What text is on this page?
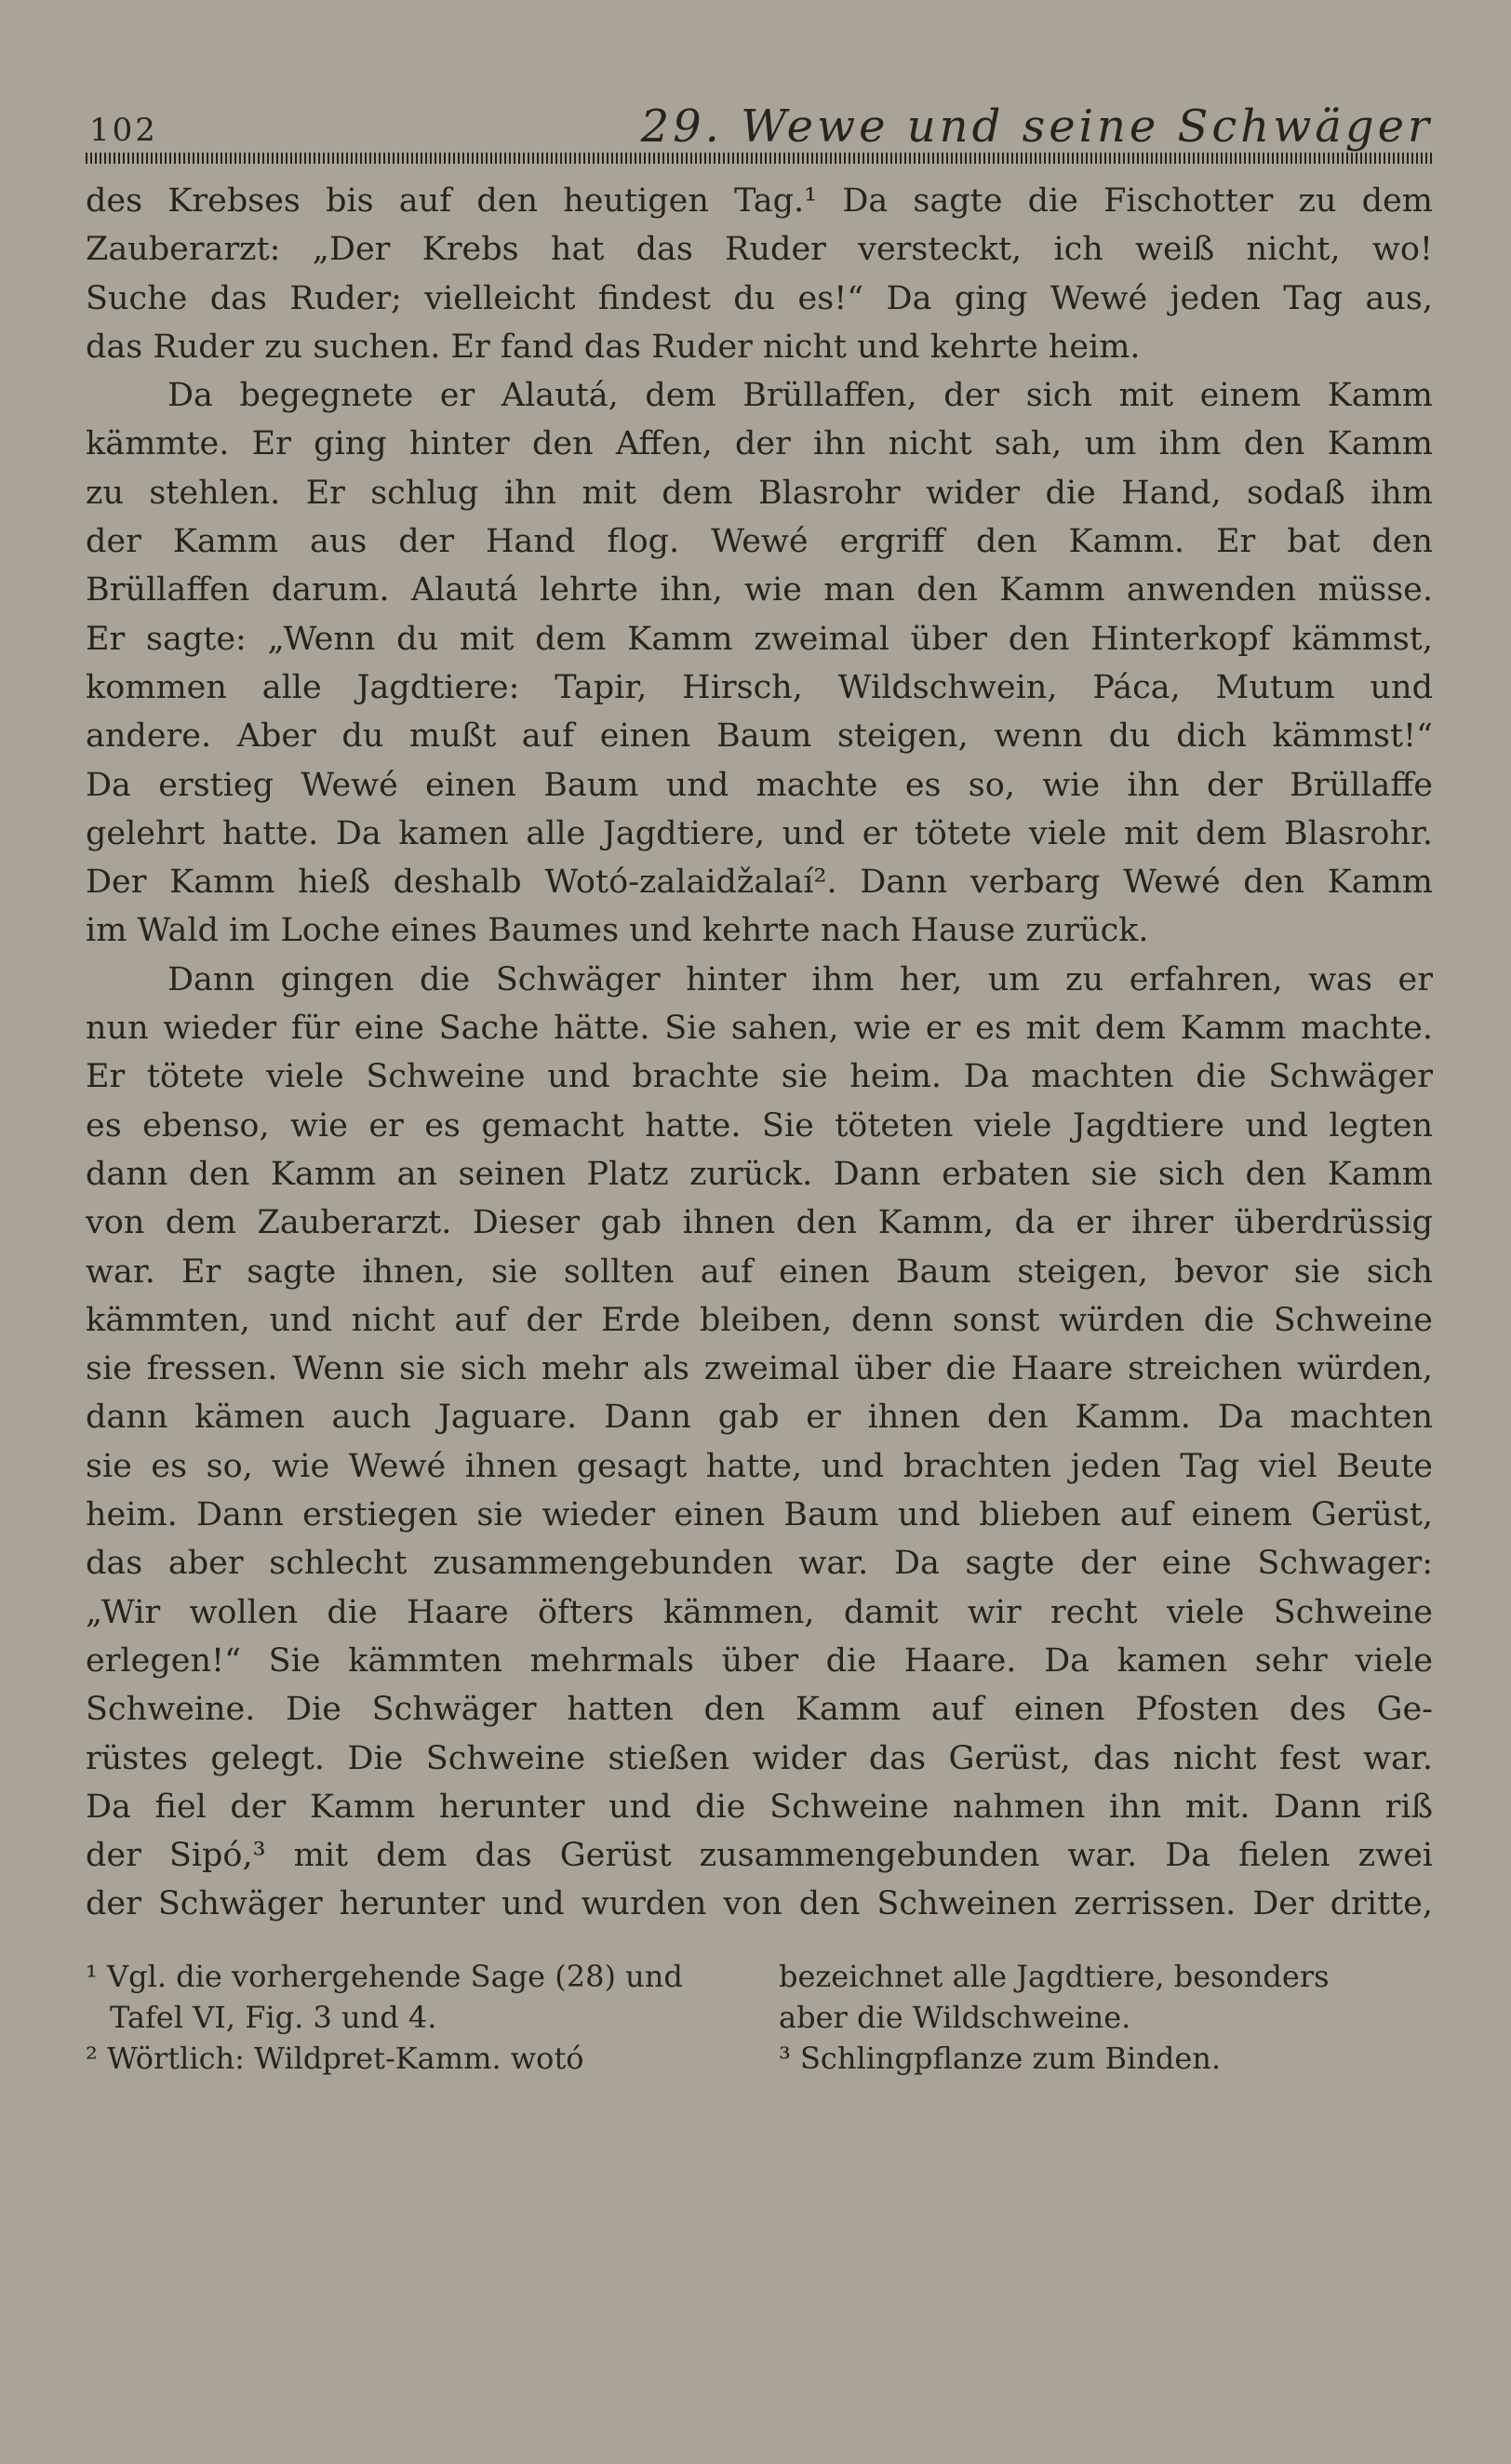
102	29. Wewe und seine Schwäger
des Krebses bis auf den heutigen Tag.¹ Da sagte die Fischotter zu dem
Zauberarzt: „Der Krebs hat das Ruder versteckt, ich weiß nicht, wo!
Suche das Ruder; vielleicht findest du es!“ Da ging Wewé jeden Tag aus,
das Ruder zu suchen. Er fand das Ruder nicht und kehrte heim.
Da begegnete er Alautá, dem Brüllaffen, der sich mit einem Kamm
kämmte. Er ging hinter den Affen, der ihn nicht sah, um ihm den Kamm
zu stehlen. Er schlug ihn mit dem Blasrohr wider die Hand, sodaß ihm
der Kamm aus der Hand flog. Wewé ergriff den Kamm. Er bat den
Brüllaffen darum. Alautá lehrte ihn, wie man den Kamm anwenden müsse.
Er sagte: „Wenn du mit dem Kamm zweimal über den Hinterkopf kämmst,
kommen alle Jagdtiere: Tapir, Hirsch, Wildschwein, Páca, Mutum und
andere. Aber du mußt auf einen Baum steigen, wenn du dich kämmst!“
Da erstieg Wewé einen Baum und machte es so, wie ihn der Brüllaffe
gelehrt hatte. Da kamen alle Jagdtiere, und er tötete viele mit dem Blasrohr.
Der Kamm hieß deshalb Wotó-zalaidžalaí². Dann verbarg Wewé den Kamm
im Wald im Loche eines Baumes und kehrte nach Hause zurück.
Dann gingen die Schwäger hinter ihm her, um zu erfahren, was er
nun wieder für eine Sache hätte. Sie sahen, wie er es mit dem Kamm machte.
Er tötete viele Schweine und brachte sie heim. Da machten die Schwäger
es ebenso, wie er es gemacht hatte. Sie töteten viele Jagdtiere und legten
dann den Kamm an seinen Platz zurück. Dann erbaten sie sich den Kamm
von dem Zauberarzt. Dieser gab ihnen den Kamm, da er ihrer überdrüssig
war. Er sagte ihnen, sie sollten auf einen Baum steigen, bevor sie sich
kämmten, und nicht auf der Erde bleiben, denn sonst würden die Schweine
sie fressen. Wenn sie sich mehr als zweimal über die Haare streichen würden,
dann kämen auch Jaguare. Dann gab er ihnen den Kamm. Da machten
sie es so, wie Wewé ihnen gesagt hatte, und brachten jeden Tag viel Beute
heim. Dann erstiegen sie wieder einen Baum und blieben auf einem Gerüst,
das aber schlecht zusammengebunden war. Da sagte der eine Schwager:
„Wir wollen die Haare öfters kämmen, damit wir recht viele Schweine
erlegen!“ Sie kämmten mehrmals über die Haare. Da kamen sehr viele
Schweine. Die Schwäger hatten den Kamm auf einen Pfosten des Ge-
rüstes gelegt. Die Schweine stießen wider das Gerüst, das nicht fest war.
Da fiel der Kamm herunter und die Schweine nahmen ihn mit. Dann riß
der Sipó,³ mit dem das Gerüst zusammengebunden war. Da fielen zwei
der Schwäger herunter und wurden von den Schweinen zerrissen. Der dritte,
¹ Vgl. die vorhergehende Sage (28) und
Tafel VI, Fig. 3 und 4.
² Wörtlich: Wildpret-Kamm. wotó
bezeichnet alle Jagdtiere, besonders
aber die Wildschweine.
³ Schlingpflanze zum Binden.
